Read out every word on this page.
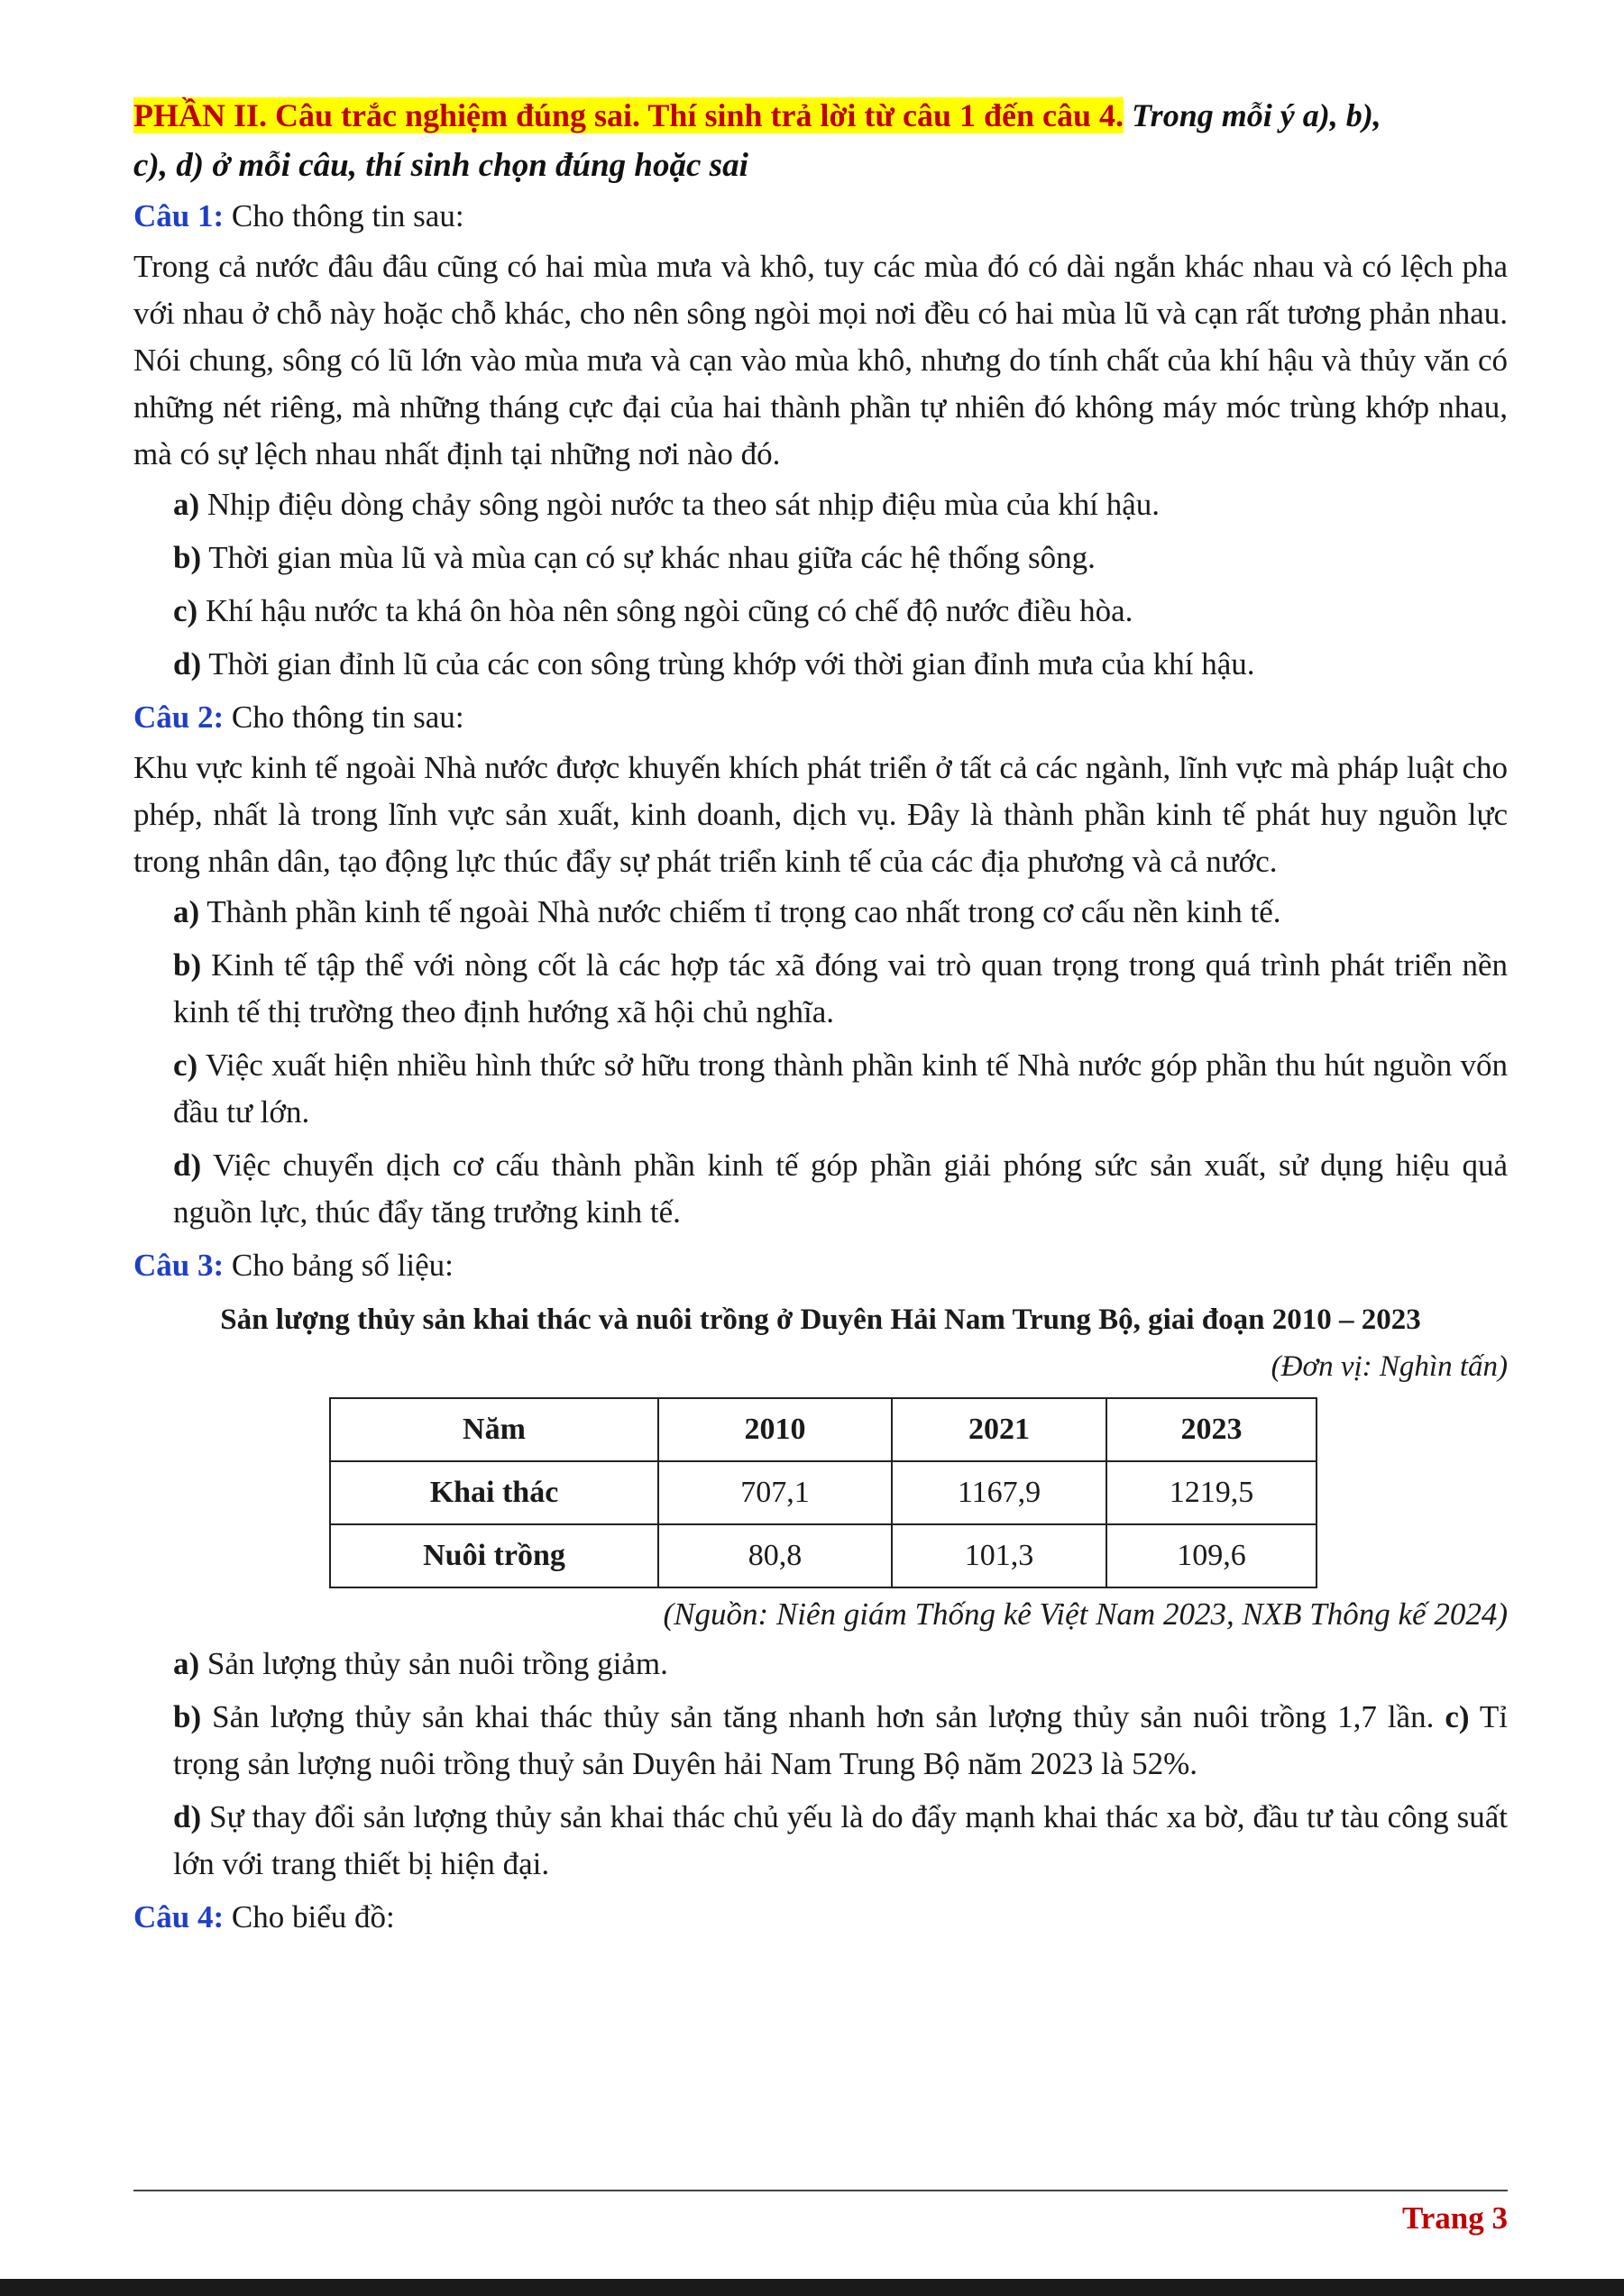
PHẦN II. Câu trắc nghiệm đúng sai. Thí sinh trả lời từ câu 1 đến câu 4. Trong mỗi ý a), b),

c), d) ở mỗi câu, thí sinh chọn đúng hoặc sai

Câu 1: Cho thông tin sau:

Trong cả nước đâu đâu cũng có hai mùa mưa và khô, tuy các mùa đó có dài ngắn khác nhau và có lệch pha với nhau ở chỗ này hoặc chỗ khác, cho nên sông ngòi mọi nơi đều có hai mùa lũ và cạn rất tương phản nhau. Nói chung, sông có lũ lớn vào mùa mưa và cạn vào mùa khô, nhưng do tính chất của khí hậu và thủy văn có những nét riêng, mà những tháng cực đại của hai thành phần tự nhiên đó không máy móc trùng khớp nhau, mà có sự lệch nhau nhất định tại những nơi nào đó.

a) Nhịp điệu dòng chảy sông ngòi nước ta theo sát nhịp điệu mùa của khí hậu.

b) Thời gian mùa lũ và mùa cạn có sự khác nhau giữa các hệ thống sông.

c) Khí hậu nước ta khá ôn hòa nên sông ngòi cũng có chế độ nước điều hòa.

d) Thời gian đỉnh lũ của các con sông trùng khớp với thời gian đỉnh mưa của khí hậu.

Câu 2: Cho thông tin sau:

Khu vực kinh tế ngoài Nhà nước được khuyến khích phát triển ở tất cả các ngành, lĩnh vực mà pháp luật cho phép, nhất là trong lĩnh vực sản xuất, kinh doanh, dịch vụ. Đây là thành phần kinh tế phát huy nguồn lực trong nhân dân, tạo động lực thúc đẩy sự phát triển kinh tế của các địa phương và cả nước.

a) Thành phần kinh tế ngoài Nhà nước chiếm tỉ trọng cao nhất trong cơ cấu nền kinh tế.

b) Kinh tế tập thể với nòng cốt là các hợp tác xã đóng vai trò quan trọng trong quá trình phát triển nền kinh tế thị trường theo định hướng xã hội chủ nghĩa.

c) Việc xuất hiện nhiều hình thức sở hữu trong thành phần kinh tế Nhà nước góp phần thu hút nguồn vốn đầu tư lớn.

d) Việc chuyển dịch cơ cấu thành phần kinh tế góp phần giải phóng sức sản xuất, sử dụng hiệu quả nguồn lực, thúc đẩy tăng trưởng kinh tế.

Câu 3: Cho bảng số liệu:

Sản lượng thủy sản khai thác và nuôi trồng ở Duyên Hải Nam Trung Bộ, giai đoạn 2010 – 2023

(Đơn vị: Nghìn tấn)

Năm	2010	2021	2023
Khai thác	707,1	1167,9	1219,5
Nuôi trồng	80,8	101,3	109,6

(Nguồn: Niên giám Thống kê Việt Nam 2023, NXB Thông kế 2024)

a) Sản lượng thủy sản nuôi trồng giảm.

b) Sản lượng thủy sản khai thác thủy sản tăng nhanh hơn sản lượng thủy sản nuôi trồng 1,7 lần. c) Tỉ trọng sản lượng nuôi trồng thuỷ sản Duyên hải Nam Trung Bộ năm 2023 là 52%.

d) Sự thay đổi sản lượng thủy sản khai thác chủ yếu là do đẩy mạnh khai thác xa bờ, đầu tư tàu công suất lớn với trang thiết bị hiện đại.

Câu 4: Cho biểu đồ:

Trang 3
